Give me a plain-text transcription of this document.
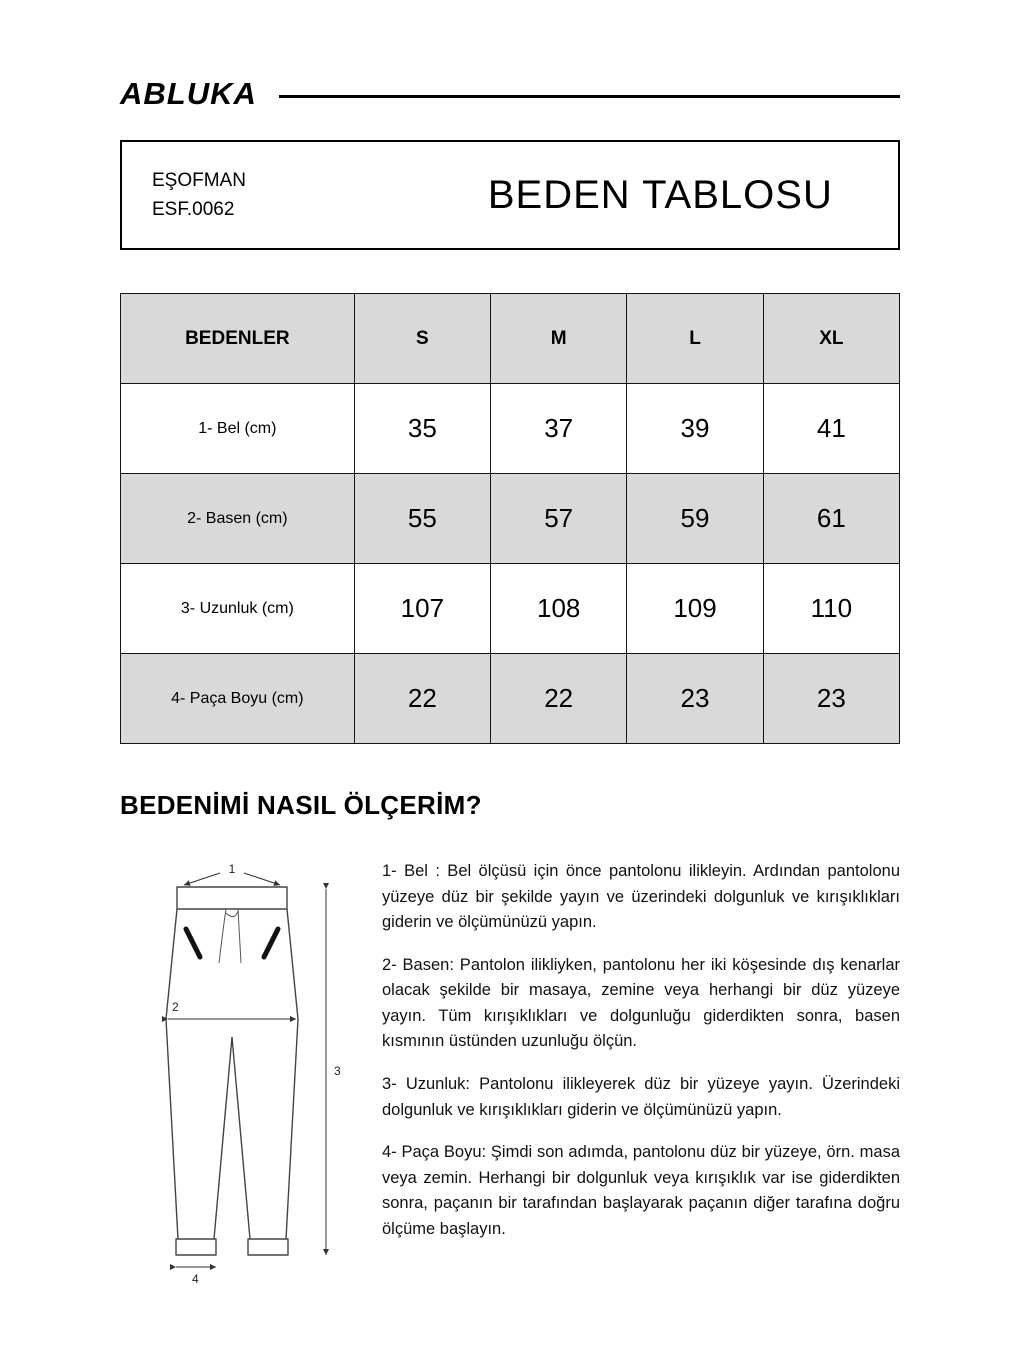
ABLUKA
EŞOFMAN
ESF.0062	BEDEN TABLOSU
BEDENLER	S	M	L	XL
1- Bel (cm)	35	37	39	41
2- Basen (cm)	55	57	59	61
3- Uzunluk (cm)	107	108	109	110
4- Paça Boyu (cm)	22	22	23	23
BEDENİMİ NASIL ÖLÇERİM?
1
2
3
4

1- Bel : Bel ölçüsü için önce pantolonu ilikleyin. Ardından pantolonu yüzeye düz bir şekilde yayın ve üzerindeki dolgunluk ve kırışıklıkları giderin ve ölçümünüzü yapın.

2- Basen: Pantolon ilikliyken, pantolonu her iki köşesinde dış kenarlar olacak şekilde bir masaya, zemine veya herhangi bir düz yüzeye yayın. Tüm kırışıklıkları ve dolgunluğu giderdikten sonra, basen kısmının üstünden uzunluğu ölçün.

3- Uzunluk: Pantolonu ilikleyerek düz bir yüzeye yayın. Üzerindeki dolgunluk ve kırışıklıkları giderin ve ölçümünüzü yapın.

4- Paça Boyu: Şimdi son adımda, pantolonu düz bir yüzeye, örn. masa veya zemin. Herhangi bir dolgunluk veya kırışıklık var ise giderdikten sonra, paçanın bir tarafından başlayarak paçanın diğer tarafına doğru ölçüme başlayın.
